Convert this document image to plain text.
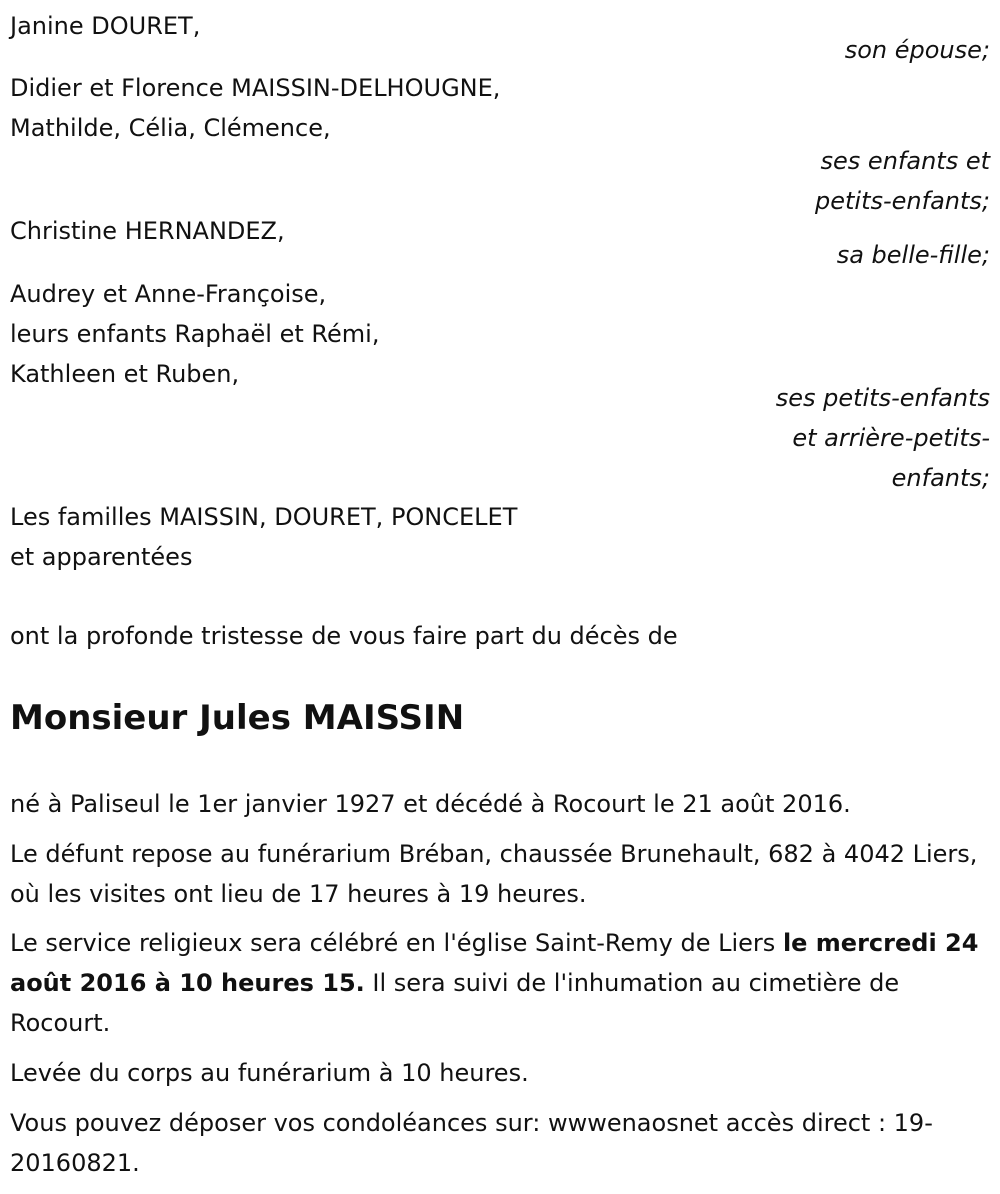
Janine DOURET,
son épouse;
Didier et Florence MAISSIN-DELHOUGNE,
Mathilde, Célia, Clémence,
ses enfants et
petits-enfants;
Christine HERNANDEZ,
sa belle-fille;
Audrey et Anne-Françoise,
leurs enfants Raphaël et Rémi,
Kathleen et Ruben,
ses petits-enfants
et arrière-petits-
enfants;
Les familles MAISSIN, DOURET, PONCELET
et apparentées
ont la profonde tristesse de vous faire part du décès de
Monsieur Jules MAISSIN

né à Paliseul le 1er janvier 1927 et décédé à Rocourt le 21 août 2016.

Le défunt repose au funérarium Bréban, chaussée Brunehault, 682 à 4042 Liers, où les visites ont lieu de 17 heures à 19 heures.

Le service religieux sera célébré en l'église Saint-Remy de Liers le mercredi 24 août 2016 à 10 heures 15. Il sera suivi de l'inhumation au cimetière de Rocourt.

Levée du corps au funérarium à 10 heures.

Vous pouvez déposer vos condoléances sur: wwwenaosnet accès direct : 19-20160821.
